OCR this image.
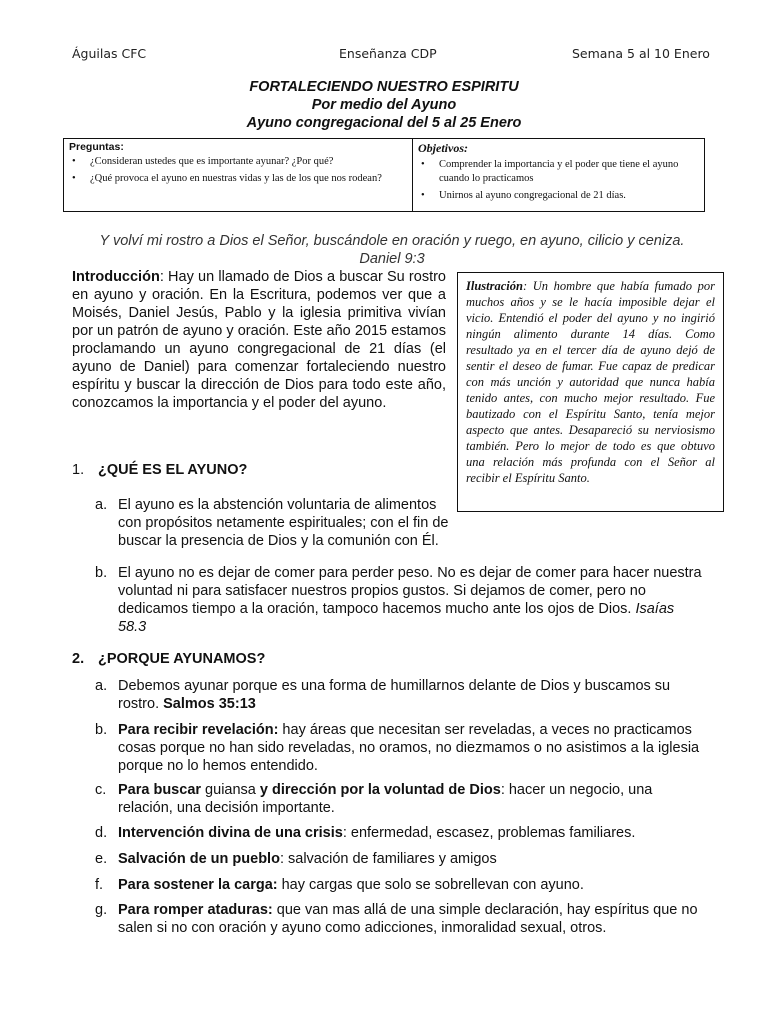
Águilas CFC	Enseñanza CDP	Semana 5 al 10 Enero
FORTALECIENDO NUESTRO ESPIRITU
Por medio del Ayuno
Ayuno congregacional del 5 al 25 Enero
Preguntas:
• ¿Consideran ustedes que es importante ayunar? ¿Por qué?
• ¿Qué provoca el ayuno en nuestras vidas y las de los que nos rodean?
Objetivos:
• Comprender la importancia y el poder que tiene el ayuno cuando lo practicamos
• Unirnos al ayuno congregacional de 21 días.
Y volví mi rostro a Dios el Señor, buscándole en oración y ruego, en ayuno, cilicio y ceniza.
Daniel 9:3
Introducción: Hay un llamado de Dios a buscar Su rostro en ayuno y oración. En la Escritura, podemos ver que a Moisés, Daniel Jesús, Pablo y la iglesia primitiva vivían por un patrón de ayuno y oración. Este año 2015 estamos proclamando un ayuno congregacional de 21 días (el ayuno de Daniel) para comenzar fortaleciendo nuestro espíritu y buscar la dirección de Dios para todo este año, conozcamos la importancia y el poder del ayuno.
Ilustración: Un hombre que había fumado por muchos años y se le hacía imposible dejar el vicio. Entendió el poder del ayuno y no ingirió ningún alimento durante 14 días. Como resultado ya en el tercer día de ayuno dejó de sentir el deseo de fumar. Fue capaz de predicar con más unción y autoridad que nunca había tenido antes, con mucho mejor resultado. Fue bautizado con el Espíritu Santo, tenía mejor aspecto que antes. Desapareció su nerviosismo también. Pero lo mejor de todo es que obtuvo una relación más profunda con el Señor al recibir el Espíritu Santo.
1. ¿QUÉ ES EL AYUNO?
a. El ayuno es la abstención voluntaria de alimentos con propósitos netamente espirituales; con el fin de buscar la presencia de Dios y la comunión con Él.
b. El ayuno no es dejar de comer para perder peso. No es dejar de comer para hacer nuestra voluntad ni para satisfacer nuestros propios gustos. Si dejamos de comer, pero no dedicamos tiempo a la oración, tampoco hacemos mucho ante los ojos de Dios. Isaías 58.3
2. ¿PORQUE AYUNAMOS?
a. Debemos ayunar porque es una forma de humillarnos delante de Dios y buscamos su rostro. Salmos 35:13
b. Para recibir revelación: hay áreas que necesitan ser reveladas, a veces no practicamos cosas porque no han sido reveladas, no oramos, no diezmamos o no asistimos a la iglesia porque no lo hemos entendido.
c. Para buscar guiansa y dirección por la voluntad de Dios: hacer un negocio, una relación, una decisión importante.
d. Intervención divina de una crisis: enfermedad, escasez, problemas familiares.
e. Salvación de un pueblo: salvación de familiares y amigos
f. Para sostener la carga: hay cargas que solo se sobrellevan con ayuno.
g. Para romper ataduras: que van mas allá de una simple declaración, hay espíritus que no salen si no con oración y ayuno como adicciones, inmoralidad sexual, otros.
